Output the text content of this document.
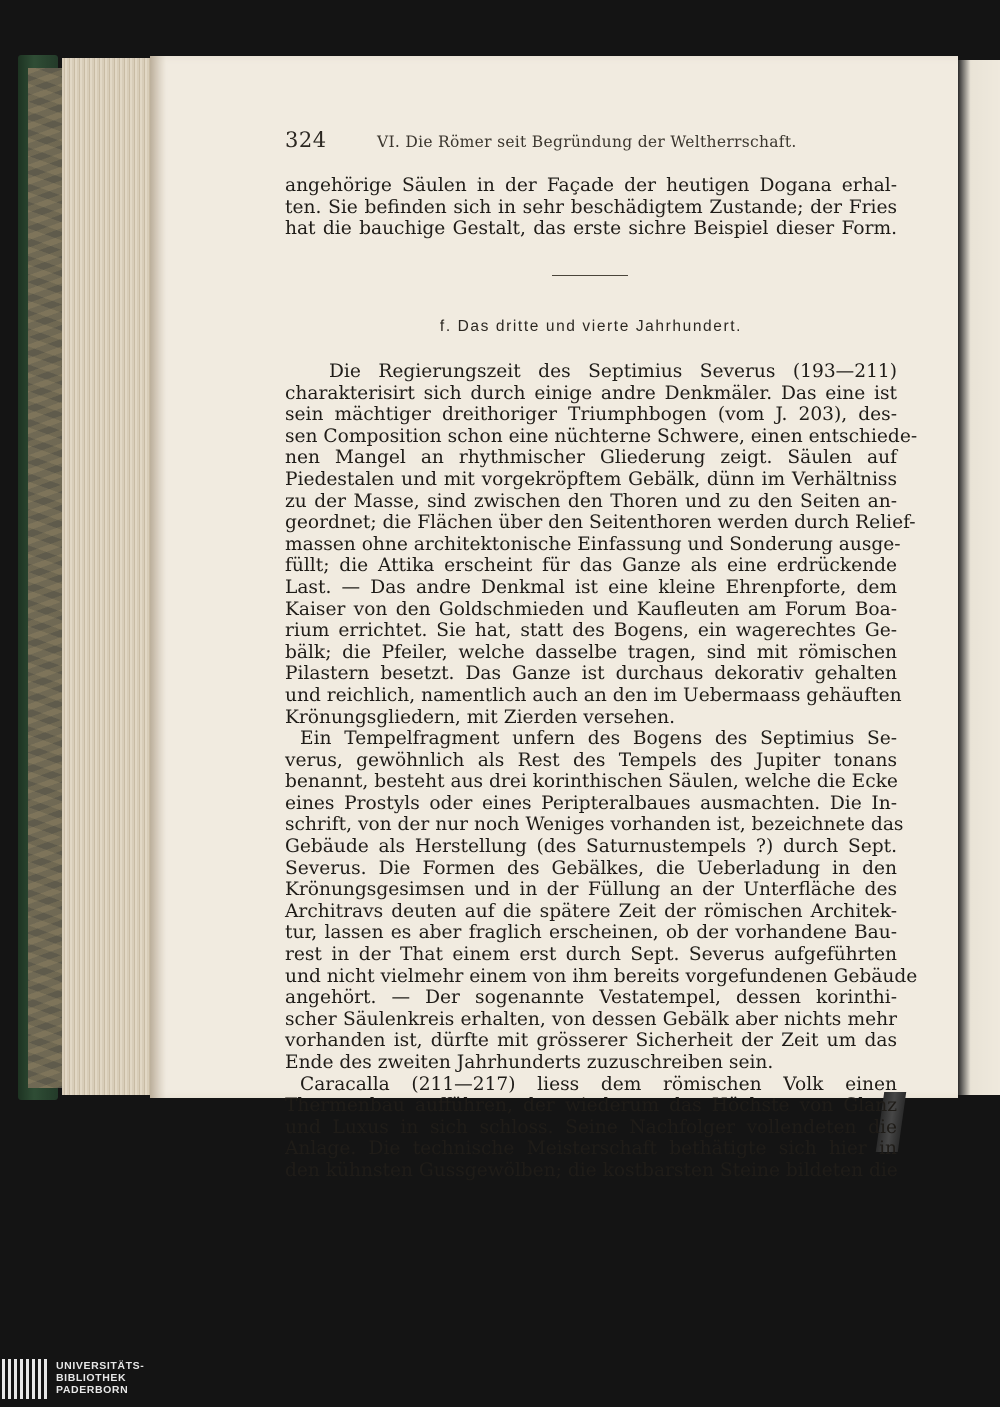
324	VI. Die Römer seit Begründung der Weltherrschaft.
angehörige Säulen in der Façade der heutigen Dogana erhal-
ten. Sie befinden sich in sehr beschädigtem Zustande; der Fries
hat die bauchige Gestalt, das erste sichre Beispiel dieser Form.
f. Das dritte und vierte Jahrhundert.
Die Regierungszeit des Septimius Severus (193—211)
charakterisirt sich durch einige andre Denkmäler. Das eine ist
sein mächtiger dreithoriger Triumphbogen (vom J. 203), des-
sen Composition schon eine nüchterne Schwere, einen entschiede-
nen Mangel an rhythmischer Gliederung zeigt. Säulen auf
Piedestalen und mit vorgekröpftem Gebälk, dünn im Verhältniss
zu der Masse, sind zwischen den Thoren und zu den Seiten an-
geordnet; die Flächen über den Seitenthoren werden durch Relief-
massen ohne architektonische Einfassung und Sonderung ausge-
füllt; die Attika erscheint für das Ganze als eine erdrückende
Last. — Das andre Denkmal ist eine kleine Ehrenpforte, dem
Kaiser von den Goldschmieden und Kaufleuten am Forum Boa-
rium errichtet. Sie hat, statt des Bogens, ein wagerechtes Ge-
bälk; die Pfeiler, welche dasselbe tragen, sind mit römischen
Pilastern besetzt. Das Ganze ist durchaus dekorativ gehalten
und reichlich, namentlich auch an den im Uebermaass gehäuften
Krönungsgliedern, mit Zierden versehen.
Ein Tempelfragment unfern des Bogens des Septimius Se-
verus, gewöhnlich als Rest des Tempels des Jupiter tonans
benannt, besteht aus drei korinthischen Säulen, welche die Ecke
eines Prostyls oder eines Peripteralbaues ausmachten. Die In-
schrift, von der nur noch Weniges vorhanden ist, bezeichnete das
Gebäude als Herstellung (des Saturnustempels ?) durch Sept.
Severus. Die Formen des Gebälkes, die Ueberladung in den
Krönungsgesimsen und in der Füllung an der Unterfläche des
Architravs deuten auf die spätere Zeit der römischen Architek-
tur, lassen es aber fraglich erscheinen, ob der vorhandene Bau-
rest in der That einem erst durch Sept. Severus aufgeführten
und nicht vielmehr einem von ihm bereits vorgefundenen Gebäude
angehört. — Der sogenannte Vestatempel, dessen korinthi-
scher Säulenkreis erhalten, von dessen Gebälk aber nichts mehr
vorhanden ist, dürfte mit grösserer Sicherheit der Zeit um das
Ende des zweiten Jahrhunderts zuzuschreiben sein.
Caracalla (211—217) liess dem römischen Volk einen
Thermenbau aufführen, der wiederum das Höchste von Glanz
und Luxus in sich schloss. Seine Nachfolger vollendeten die
Anlage. Die technische Meisterschaft bethätigte sich hier in
den kühnsten Gussgewölben; die kostbarsten Steine bildeten die
UNIVERSITÄTS-
BIBLIOTHEK
PADERBORN
